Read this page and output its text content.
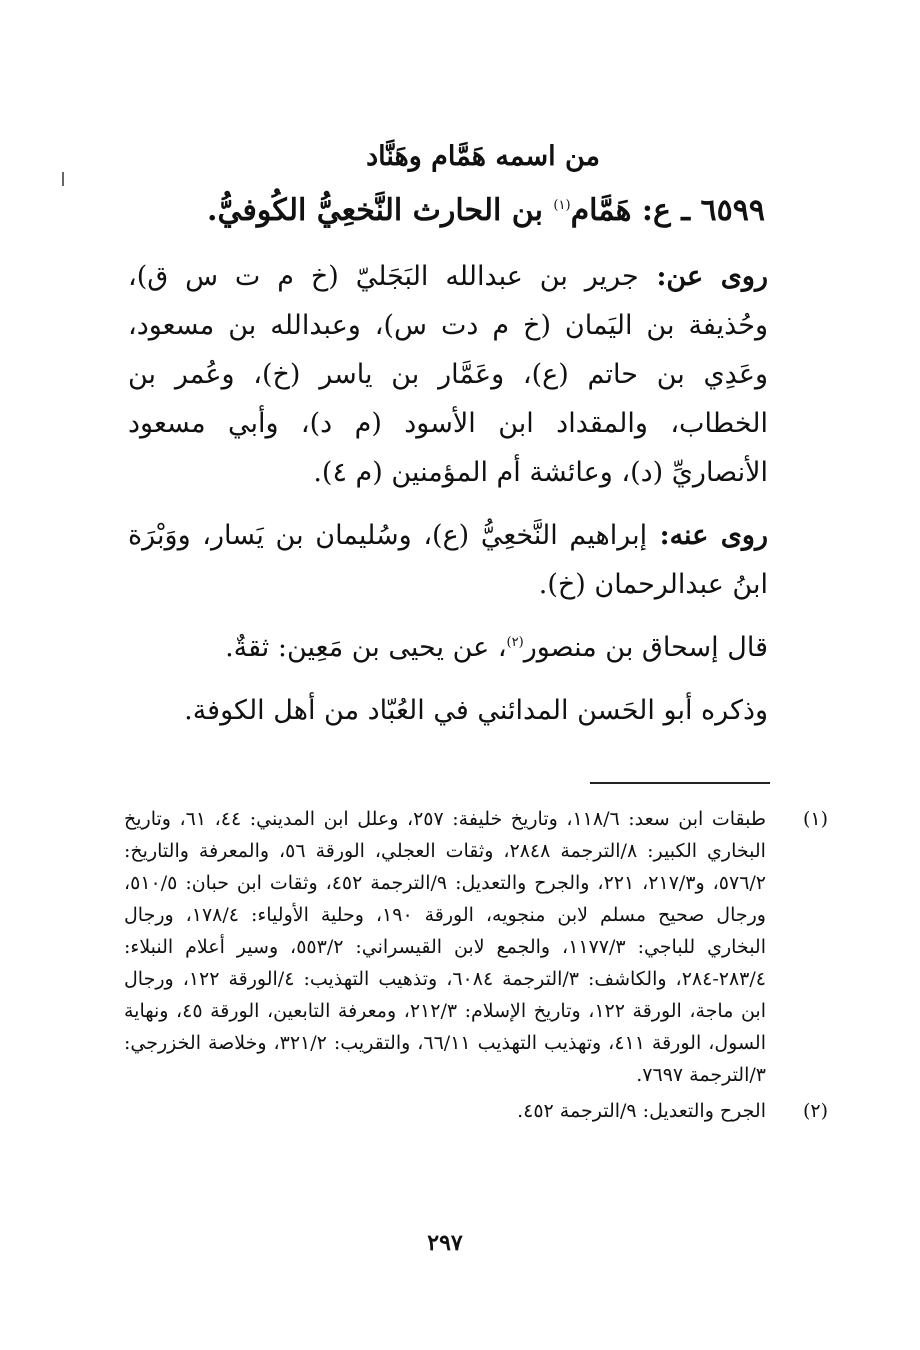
من اسمه هَمَّام وهَنَّاد
٦٥٩٩ ـ ع: هَمَّام$^{(١)}$ بن الحارث النَّخعِيُّ الكُوفيُّ.

روى عن: جرير بن عبدالله البَجَليّ (خ م ت س ق)، وحُذيفة بن اليَمان (خ م دت س)، وعبدالله بن مسعود، وعَدِي بن حاتم (ع)، وعَمَّار بن ياسر (خ)، وعُمر بن الخطاب، والمقداد ابن الأسود (م د)، وأبي مسعود الأنصاريِّ (د)، وعائشة أم المؤمنين (م ٤).

روى عنه: إبراهيم النَّخعِيُّ (ع)، وسُليمان بن يَسار، ووَبْرَة ابنُ عبدالرحمان (خ).

قال إسحاق بن منصور$^{(٢)}$، عن يحيى بن مَعِين: ثقةٌ.

وذكره أبو الحَسن المدائني في العُبّاد من أهل الكوفة.

(١)
طبقات ابن سعد: ١١٨/٦، وتاريخ خليفة: ٢٥٧، وعلل ابن المديني: ٤٤، ٦١، وتاريخ البخاري الكبير: ٨/الترجمة ٢٨٤٨، وثقات العجلي، الورقة ٥٦، والمعرفة والتاريخ: ٥٧٦/٢، و٢١٧/٣، ٢٢١، والجرح والتعديل: ٩/الترجمة ٤٥٢، وثقات ابن حبان: ٥١٠/٥، ورجال صحيح مسلم لابن منجويه، الورقة ١٩٠، وحلية الأولياء: ١٧٨/٤، ورجال البخاري للباجي: ١١٧٧/٣، والجمع لابن القيسراني: ٥٥٣/٢، وسير أعلام النبلاء: ٢٨٣/٤-٢٨٤، والكاشف: ٣/الترجمة ٦٠٨٤، وتذهيب التهذيب: ٤/الورقة ١٢٢، ورجال ابن ماجة، الورقة ١٢٢، وتاريخ الإسلام: ٢١٢/٣، ومعرفة التابعين، الورقة ٤٥، ونهاية السول، الورقة ٤١١، وتهذيب التهذيب ٦٦/١١، والتقريب: ٣٢١/٢، وخلاصة الخزرجي: ٣/الترجمة ٧٦٩٧.
(٢)
الجرح والتعديل: ٩/الترجمة ٤٥٢.
٢٩٧
